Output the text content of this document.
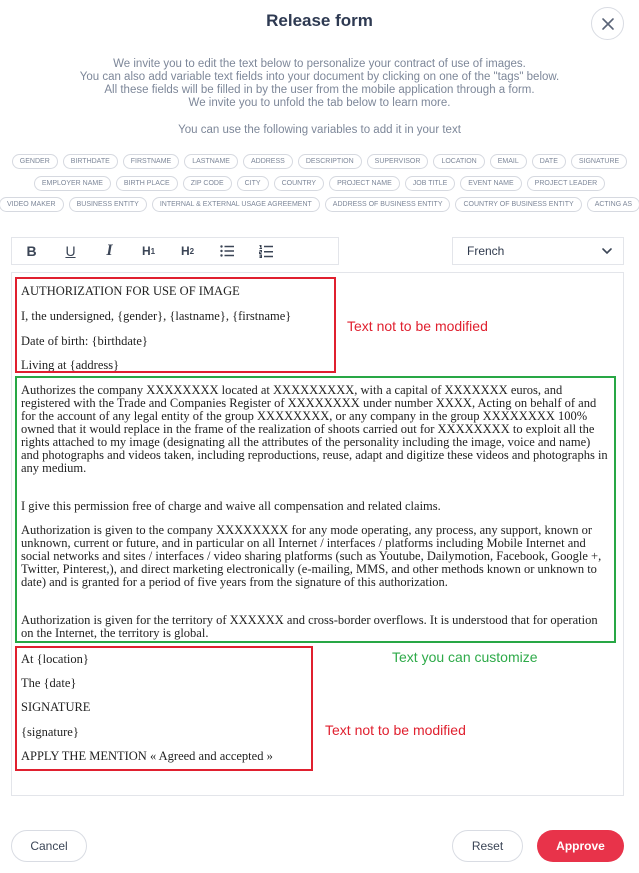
Release form
We invite you to edit the text below to personalize your contract of use of images.
You can also add variable text fields into your document by clicking on one of the "tags" below.
All these fields will be filled in by the user from the mobile application through a form.
We invite you to unfold the tab below to learn more.
You can use the following variables to add it in your text
GENDER	BIRTHDATE	FIRSTNAME	LASTNAME	ADDRESS	DESCRIPTION	SUPERVISOR	LOCATION	EMAIL	DATE	SIGNATURE
EMPLOYER NAME	BIRTH PLACE	ZIP CODE	CITY	COUNTRY	PROJECT NAME	JOB TITLE	EVENT NAME	PROJECT LEADER
VIDEO MAKER	BUSINESS ENTITY	INTERNAL & EXTERNAL USAGE AGREEMENT	ADDRESS OF BUSINESS ENTITY	COUNTRY OF BUSINESS ENTITY	ACTING AS
B	U	I	H 1 H 2	French
AUTHORIZATION FOR USE OF IMAGE
I, the undersigned, {gender}, {lastname}, {firstname}
Date of birth: {birthdate}
Living at {address}
Authorizes the company XXXXXXXX located at XXXXXXXXX, with a capital of XXXXXXX euros, and registered with the Trade and Companies Register of XXXXXXXX under number XXXX, Acting on behalf of and for the account of any legal entity of the group XXXXXXXX, or any company in the group XXXXXXXX 100% owned that it would replace in the frame of the realization of shoots carried out for XXXXXXXX to exploit all the rights attached to my image (designating all the attributes of the personality including the image, voice and name) and photographs and videos taken, including reproductions, reuse, adapt and digitize these videos and photographs in any medium.
I give this permission free of charge and waive all compensation and related claims.
Authorization is given to the company XXXXXXXX for any mode operating, any process, any support, known or unknown, current or future, and in particular on all Internet / interfaces / platforms including Mobile Internet and social networks and sites / interfaces / video sharing platforms (such as Youtube, Dailymotion, Facebook, Google +, Twitter, Pinterest,), and direct marketing electronically (e-mailing, MMS, and other methods known or unknown to date) and is granted for a period of five years from the signature of this authorization.
Authorization is given for the territory of XXXXXX and cross-border overflows. It is understood that for operation on the Internet, the territory is global.
At {location}
The {date}
SIGNATURE
{signature}
APPLY THE MENTION « Agreed and accepted »
Text not to be modified
Text you can customize
Text not to be modified
Cancel	Reset	Approve
